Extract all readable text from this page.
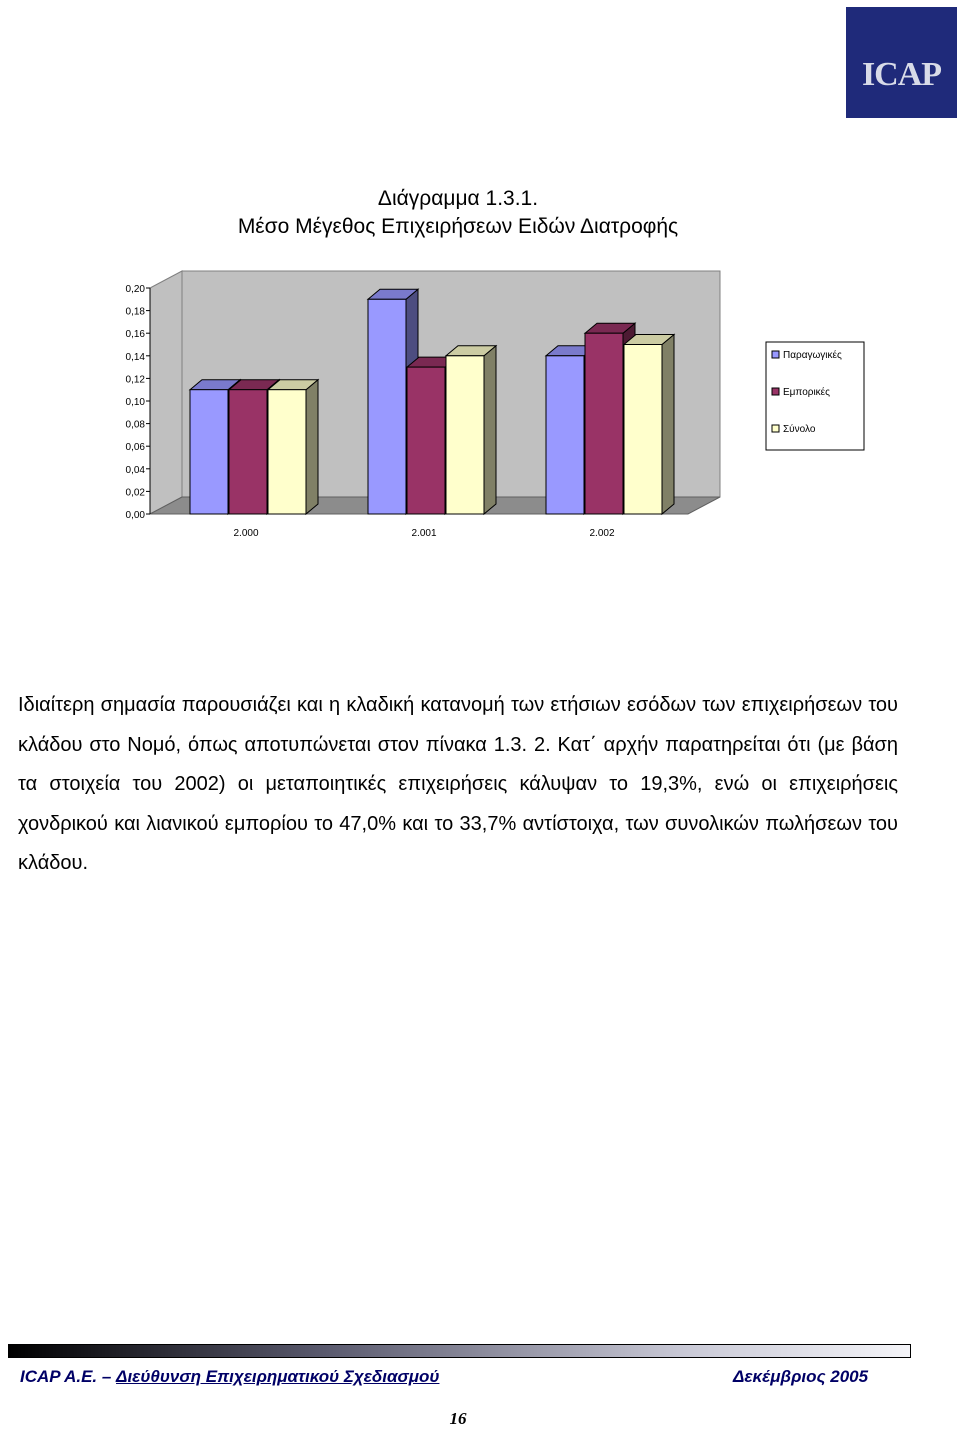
ICAP
Διάγραμμα 1.3.1.
Μέσο Μέγεθος Επιχειρήσεων Ειδών Διατροφής
0,00
0,02
0,04
0,06
0,08
0,10
0,12
0,14
0,16
0,18
0,20
2.000	2.001	2.002
Παραγωγικές
Εμπορικές
Σύνολο
Ιδιαίτερη σημασία παρουσιάζει και η κλαδική κατανομή των ετήσιων εσόδων των επιχειρήσεων του κλάδου στο Νομό, όπως αποτυπώνεται στον πίνακα 1.3. 2. Κατ΄ αρχήν παρατηρείται ότι (με βάση τα στοιχεία του 2002) οι μεταποιητικές επιχειρήσεις κάλυψαν το 19,3%, ενώ οι επιχειρήσεις χονδρικού και λιανικού εμπορίου το 47,0% και το 33,7% αντίστοιχα, των συνολικών πωλήσεων του κλάδου.
ICAP A.E. – Διεύθυνση Επιχειρηματικού Σχεδιασμού	Δεκέμβριος 2005
16
